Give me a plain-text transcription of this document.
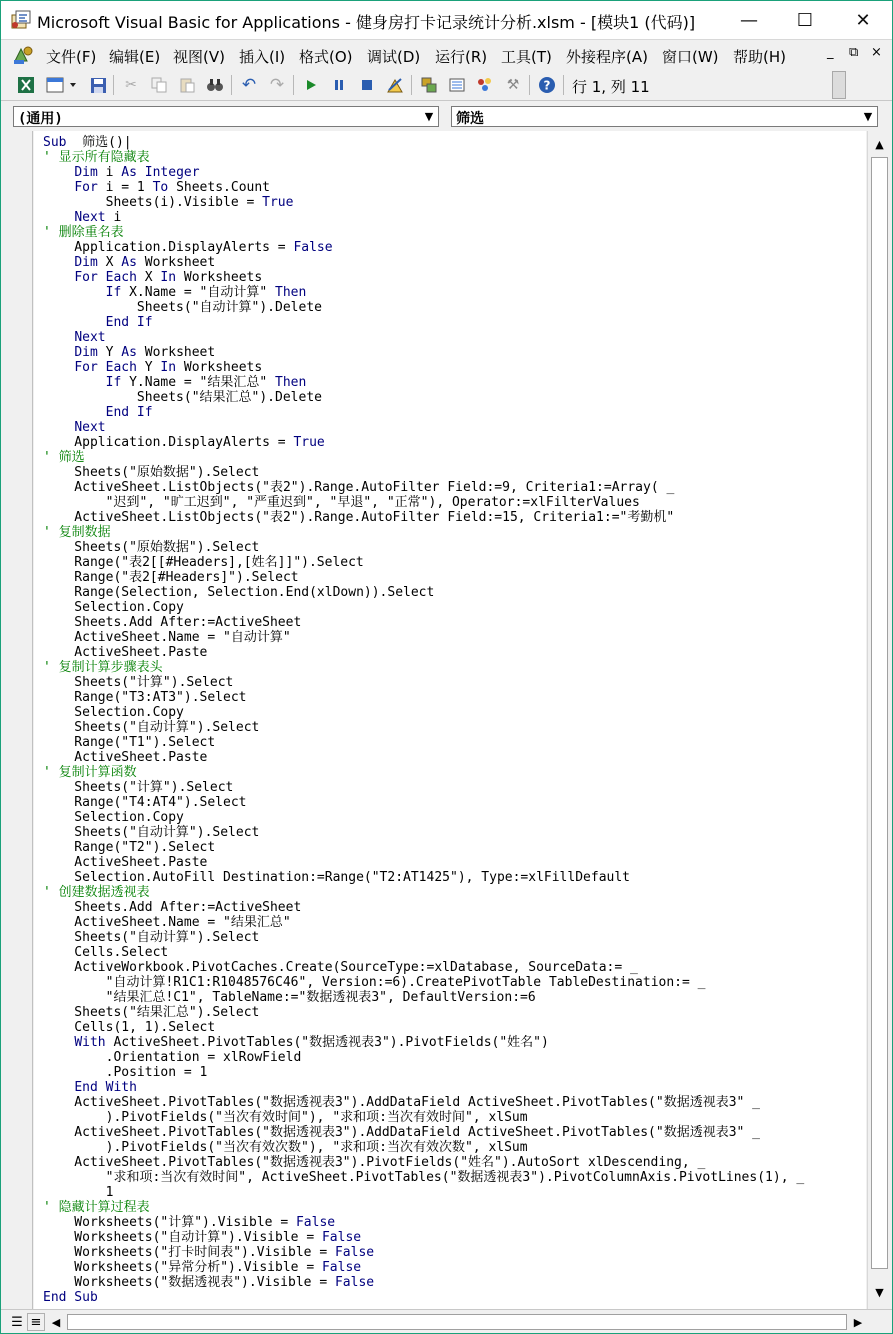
Microsoft Visual Basic for Applications - 健身房打卡记录统计分析.xlsm - [模块1 (代码)] — ☐ ✕
文件(F) 编辑(E) 视图(V) 插入(I) 格式(O) 调试(D) 运行(R) 工具(T) 外接程序(A) 窗口(W) 帮助(H)	_ ⧉ ×
✂	↶ ↷	⚒ ? 行 1, 列 11
(通用)	▼	筛选	▼
Sub  筛选()|
' 显示所有隐藏表
Dim i As Integer
For i = 1 To Sheets.Count
Sheets(i).Visible = True
Next i
' 删除重名表
Application.DisplayAlerts = False
Dim X As Worksheet
For Each X In Worksheets
If X.Name = "自动计算" Then
Sheets("自动计算").Delete
End If
Next
Dim Y As Worksheet
For Each Y In Worksheets
If Y.Name = "结果汇总" Then
Sheets("结果汇总").Delete
End If
Next
Application.DisplayAlerts = True
' 筛选
Sheets("原始数据").Select
ActiveSheet.ListObjects("表2").Range.AutoFilter Field:=9, Criteria1:=Array( _
"迟到", "旷工迟到", "严重迟到", "早退", "正常"), Operator:=xlFilterValues
ActiveSheet.ListObjects("表2").Range.AutoFilter Field:=15, Criteria1:="考勤机"
' 复制数据
Sheets("原始数据").Select
Range("表2[[#Headers],[姓名]]").Select
Range("表2[#Headers]").Select
Range(Selection, Selection.End(xlDown)).Select
Selection.Copy
Sheets.Add After:=ActiveSheet
ActiveSheet.Name = "自动计算"
ActiveSheet.Paste
' 复制计算步骤表头
Sheets("计算").Select
Range("T3:AT3").Select
Selection.Copy
Sheets("自动计算").Select
Range("T1").Select
ActiveSheet.Paste
' 复制计算函数
Sheets("计算").Select
Range("T4:AT4").Select
Selection.Copy
Sheets("自动计算").Select
Range("T2").Select
ActiveSheet.Paste
Selection.AutoFill Destination:=Range("T2:AT1425"), Type:=xlFillDefault
' 创建数据透视表
Sheets.Add After:=ActiveSheet
ActiveSheet.Name = "结果汇总"
Sheets("自动计算").Select
Cells.Select
ActiveWorkbook.PivotCaches.Create(SourceType:=xlDatabase, SourceData:= _
"自动计算!R1C1:R1048576C46", Version:=6).CreatePivotTable TableDestination:= _
"结果汇总!C1", TableName:="数据透视表3", DefaultVersion:=6
Sheets("结果汇总").Select
Cells(1, 1).Select
With ActiveSheet.PivotTables("数据透视表3").PivotFields("姓名")
.Orientation = xlRowField
.Position = 1
End With
ActiveSheet.PivotTables("数据透视表3").AddDataField ActiveSheet.PivotTables("数据透视表3" _
).PivotFields("当次有效时间"), "求和项:当次有效时间", xlSum
ActiveSheet.PivotTables("数据透视表3").AddDataField ActiveSheet.PivotTables("数据透视表3" _
).PivotFields("当次有效次数"), "求和项:当次有效次数", xlSum
ActiveSheet.PivotTables("数据透视表3").PivotFields("姓名").AutoSort xlDescending, _
"求和项:当次有效时间", ActiveSheet.PivotTables("数据透视表3").PivotColumnAxis.PivotLines(1), _
1
' 隐藏计算过程表
Worksheets("计算").Visible = False
Worksheets("自动计算").Visible = False
Worksheets("打卡时间表").Visible = False
Worksheets("异常分析").Visible = False
Worksheets("数据透视表").Visible = False
End Sub
▲
▼
☰ ≡ ◀	▶
